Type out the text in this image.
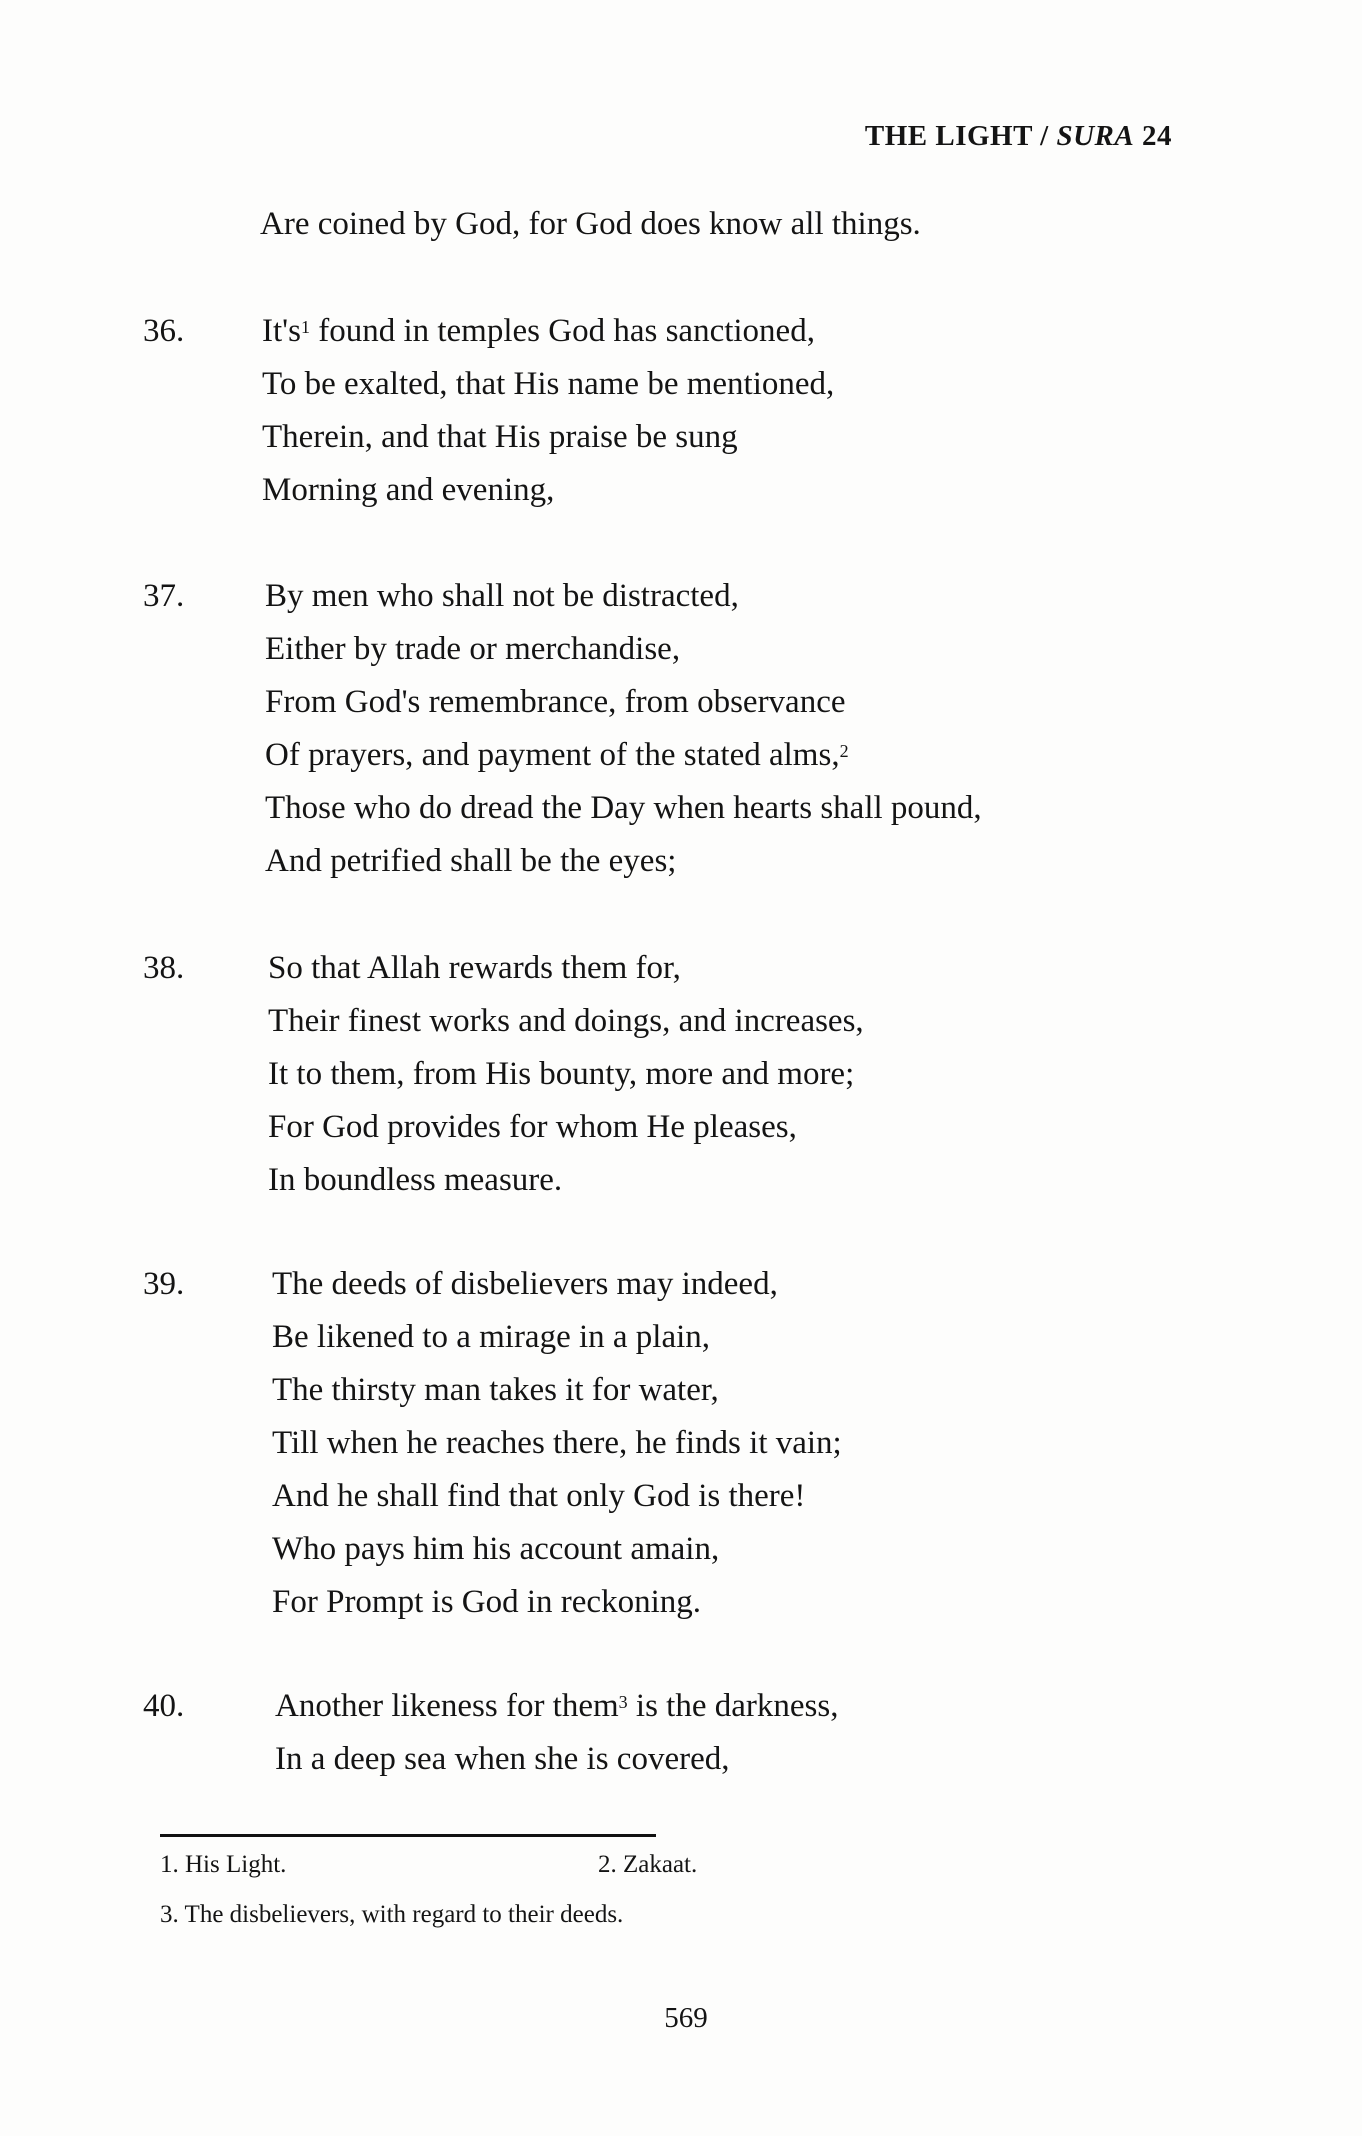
THE LIGHT / SURA 24
Are coined by God, for God does know all things.
36. $It's^1$ found in temples God has sanctioned,
To be exalted, that His name be mentioned,
Therein, and that His praise be sung
Morning and evening,
37. By men who shall not be distracted,
Either by trade or merchandise,
From God's remembrance, from observance
Of prayers, and payment of the stated alms,$^2$
Those who do dread the Day when hearts shall pound,
And petrified shall be the eyes;
38.	So that Allah rewards them for,
Their finest works and doings, and increases,
It to them, from His bounty, more and more;
For God provides for whom He pleases,
In boundless measure.
39.	The deeds of disbelievers may indeed,
Be likened to a mirage in a plain,
The thirsty man takes it for water,
Till when he reaches there, he finds it vain;
And he shall find that only God is there!
Who pays him his account amain,
For Prompt is God in reckoning.
40.	Another likeness for them$^3$ is the darkness,
In a deep sea when she is covered,
1. His Light.	2. Zakaat.
3. The disbelievers, with regard to their deeds.
569
